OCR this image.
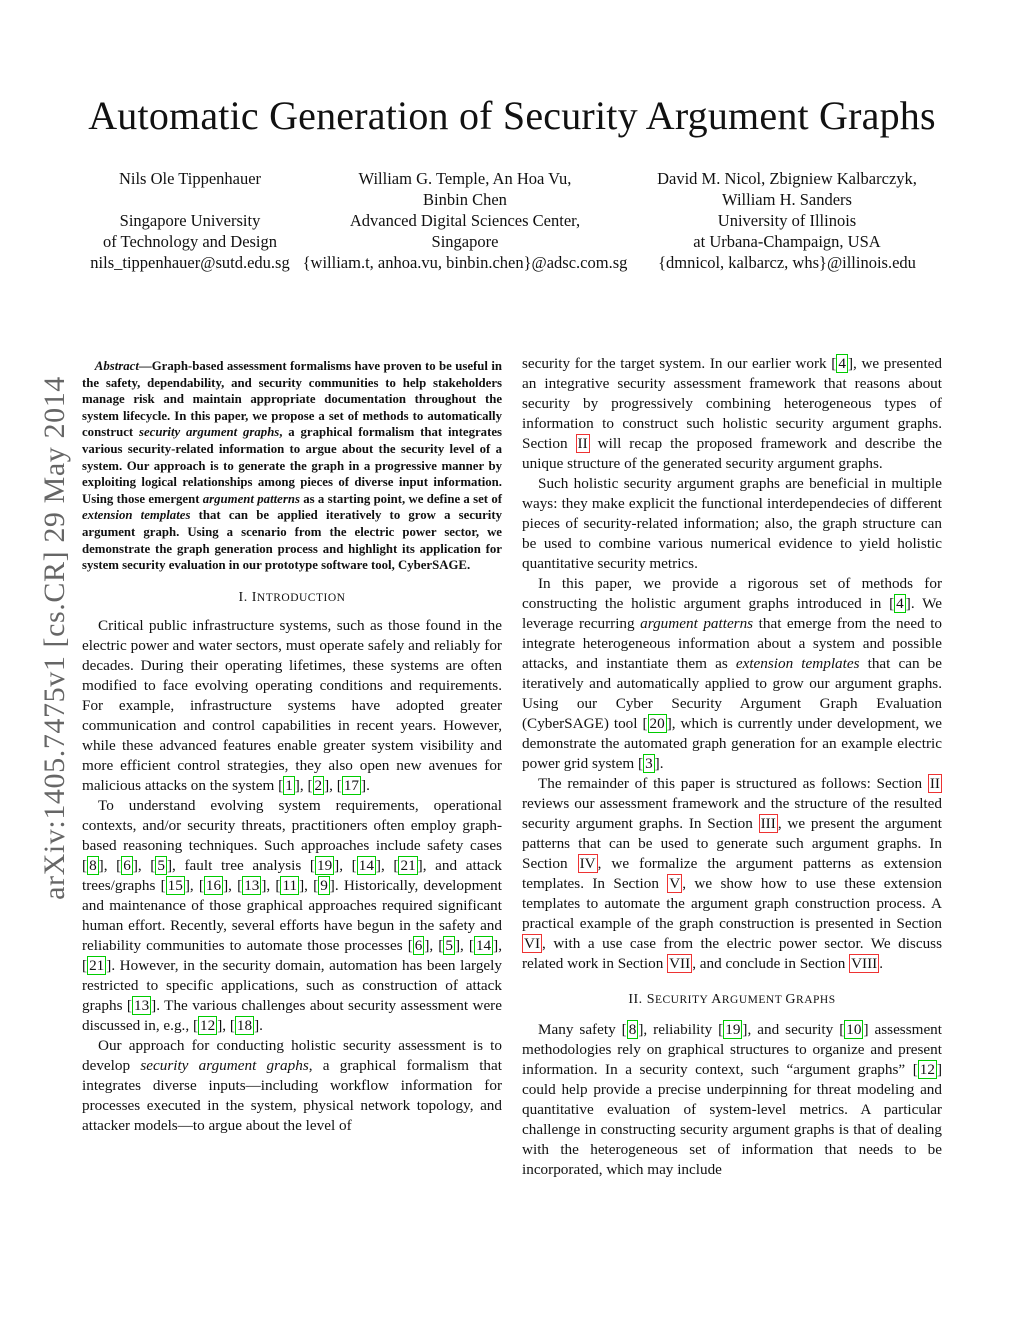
Automatic Generation of Security Argument Graphs
Nils Ole Tippenhauer
Singapore University
of Technology and Design
nils_tippenhauer@sutd.edu.sg
William G. Temple, An Hoa Vu,
Binbin Chen
Advanced Digital Sciences Center,
Singapore
{william.t, anhoa.vu, binbin.chen}@adsc.com.sg
David M. Nicol, Zbigniew Kalbarczyk,
William H. Sanders
University of Illinois
at Urbana-Champaign, USA
{dmnicol, kalbarcz, whs}@illinois.edu
arXiv:1405.7475v1 [cs.CR] 29 May 2014

 Abstract—Graph-based assessment formalisms have proven to be useful in the safety, dependability, and security communities to help stakeholders manage risk and maintain appropriate documentation throughout the system lifecycle. In this paper, we propose a set of methods to automatically construct security argument graphs, a graphical formalism that integrates various security-related information to argue about the security level of a system. Our approach is to generate the graph in a progressive manner by exploiting logical relationships among pieces of diverse input information. Using those emergent argument patterns as a starting point, we define a set of extension templates that can be applied iteratively to grow a security argument graph. Using a scenario from the electric power sector, we demonstrate the graph generation process and highlight its application for system security evaluation in our prototype software tool, CyberSAGE.

I. INTRODUCTION

Critical public infrastructure systems, such as those found in the electric power and water sectors, must operate safely and reliably for decades. During their operating lifetimes, these systems are often modified to face evolving operating conditions and requirements. For example, infrastructure systems have adopted greater communication and control capabilities in recent years. However, while these advanced features enable greater system visibility and more efficient control strategies, they also open new avenues for malicious attacks on the system [ 1 ], [ 2 ], [ 17 ].

To understand evolving system requirements, operational contexts, and/or security threats, practitioners often employ graph-based reasoning techniques. Such approaches include safety cases [ 8 ], [ 6 ], [ 5 ], fault tree analysis [ 19 ], [ 14 ], [ 21 ], and attack trees/graphs [ 15 ], [ 16 ], [ 13 ], [ 11 ], [ 9 ]. Historically, development and maintenance of those graphical approaches required significant human effort. Recently, several efforts have begun in the safety and reliability communities to automate those processes [ 6 ], [ 5 ], [ 14 ], [ 21 ]. However, in the security domain, automation has been largely restricted to specific applications, such as construction of attack graphs [ 13 ]. The various challenges about security assessment were discussed in, e.g., [ 12 ], [ 18 ].

Our approach for conducting holistic security assessment is to develop security argument graphs, a graphical formalism that integrates diverse inputs—including workflow information for processes executed in the system, physical network topology, and attacker models—to argue about the level of

security for the target system. In our earlier work [ 4 ], we presented an integrative security assessment framework that reasons about security by progressively combining heterogeneous types of information to construct such holistic security argument graphs. Section II will recap the proposed framework and describe the unique structure of the generated security argument graphs.

Such holistic security argument graphs are beneficial in multiple ways: they make explicit the functional interdependecies of different pieces of security-related information; also, the graph structure can be used to combine various numerical evidence to yield holistic quantitative security metrics.

In this paper, we provide a rigorous set of methods for constructing the holistic argument graphs introduced in [ 4 ]. We leverage recurring argument patterns that emerge from the need to integrate heterogeneous information about a system and possible attacks, and instantiate them as extension templates that can be iteratively and automatically applied to grow our argument graphs. Using our Cyber Security Argument Graph Evaluation (CyberSAGE) tool [ 20 ], which is currently under development, we demonstrate the automated graph generation for an example electric power grid system [ 3 ].

The remainder of this paper is structured as follows: Section II reviews our assessment framework and the structure of the resulted security argument graphs. In Section III , we present the argument patterns that can be used to generate such argument graphs. In Section IV , we formalize the argument patterns as extension templates. In Section V , we show how to use these extension templates to automate the argument graph construction process. A practical example of the graph construction is presented in Section VI , with a use case from the electric power sector. We discuss related work in Section VII , and conclude in Section VIII .

II. SECURITY ARGUMENT GRAPHS

Many safety [ 8 ], reliability [ 19 ], and security [ 10 ] assessment methodologies rely on graphical structures to organize and present information. In a security context, such “argument graphs” [ 12 ] could help provide a precise underpinning for threat modeling and quantitative evaluation of system-level metrics. A particular challenge in constructing security argument graphs is that of dealing with the heterogeneous set of information that needs to be incorporated, which may include
